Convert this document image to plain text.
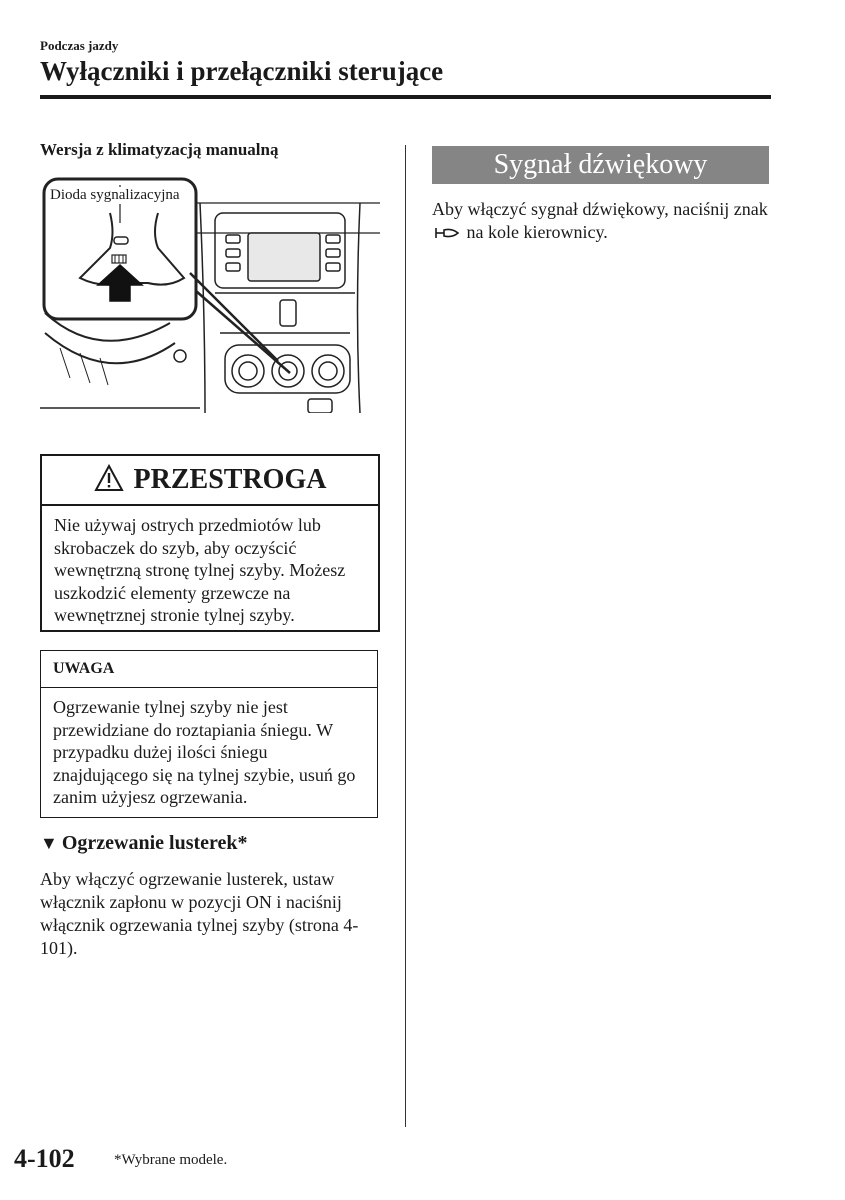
Podczas jazdy
Wyłączniki i przełączniki sterujące
Wersja z klimatyzacją manualną
Dioda sygnalizacyjna
PRZESTROGA
Nie używaj ostrych przedmiotów lub skrobaczek do szyb, aby oczyścić wewnętrzną stronę tylnej szyby. Możesz uszkodzić elementy grzewcze na wewnętrznej stronie tylnej szyby.
UWAGA
Ogrzewanie tylnej szyby nie jest przewidziane do roztapiania śniegu. W przypadku dużej ilości śniegu znajdującego się na tylnej szybie, usuń go zanim użyjesz ogrzewania.
▼ Ogrzewanie lusterek*
Aby włączyć ogrzewanie lusterek, ustaw włącznik zapłonu w pozycji ON i naciśnij włącznik ogrzewania tylnej szyby (strona 4-101).
Sygnał dźwiękowy
Aby włączyć sygnał dźwiękowy, naciśnij znak  na kole kierownicy.
4-102	*Wybrane modele.
